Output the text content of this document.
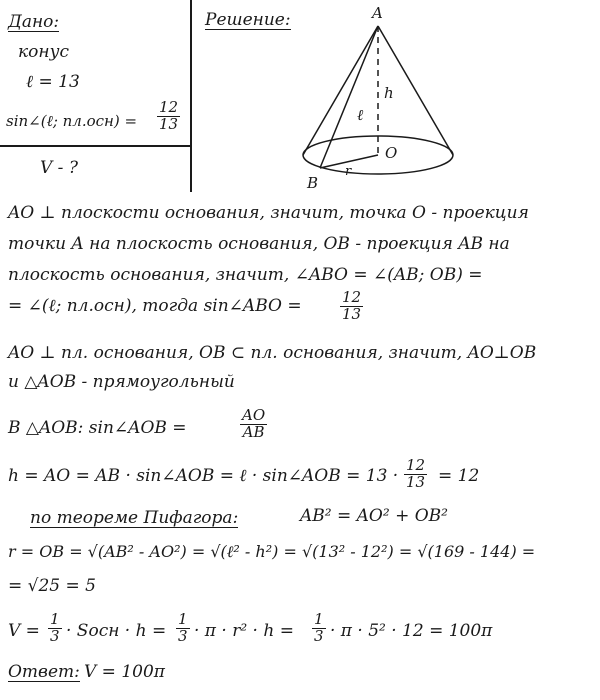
Дано:
конус
ℓ = 13
sin∠(ℓ; $пл.осн) = \frac{12}{13}$
V - ?
Решение:	A
B
O
h
ℓ
r
AO ⊥ плоскости основания, значит, точка O - проекция
точки A на плоскость основания, OB - проекция AB на
плоскость основания, значит, ∠ABO = ∠(AB; OB) =
= ∠(ℓ; пл.осн), тогда sin∠ABO =	$\frac{12}{13}$
AO ⊥ пл. основания, OB ⊂ пл. основания, значит, AO⊥OB
и △AOB - прямоугольный
В △AOB: sin∠AOB =	$\frac{AO}{AB}$
h = AO = AB · sin∠AOB = ℓ · sin∠AOB = $13 \cdot \frac{12}{13} = 12$
по теореме Пифагора:	AB² = AO² + OB²
r = OB = √(AB² - AO²) = √(ℓ² - h²) = √(13² - 12²) = √(169 - 144) =
= √25 = 5
$V = \frac{1}{3}$ · Sосн · $h = \frac{1}{3} \cdot \pi \cdot r^2 \cdot h = \frac{1}{3} \cdot \pi \cdot 5^2 \cdot 12 = 100\pi$
Ответ: V = 100π
